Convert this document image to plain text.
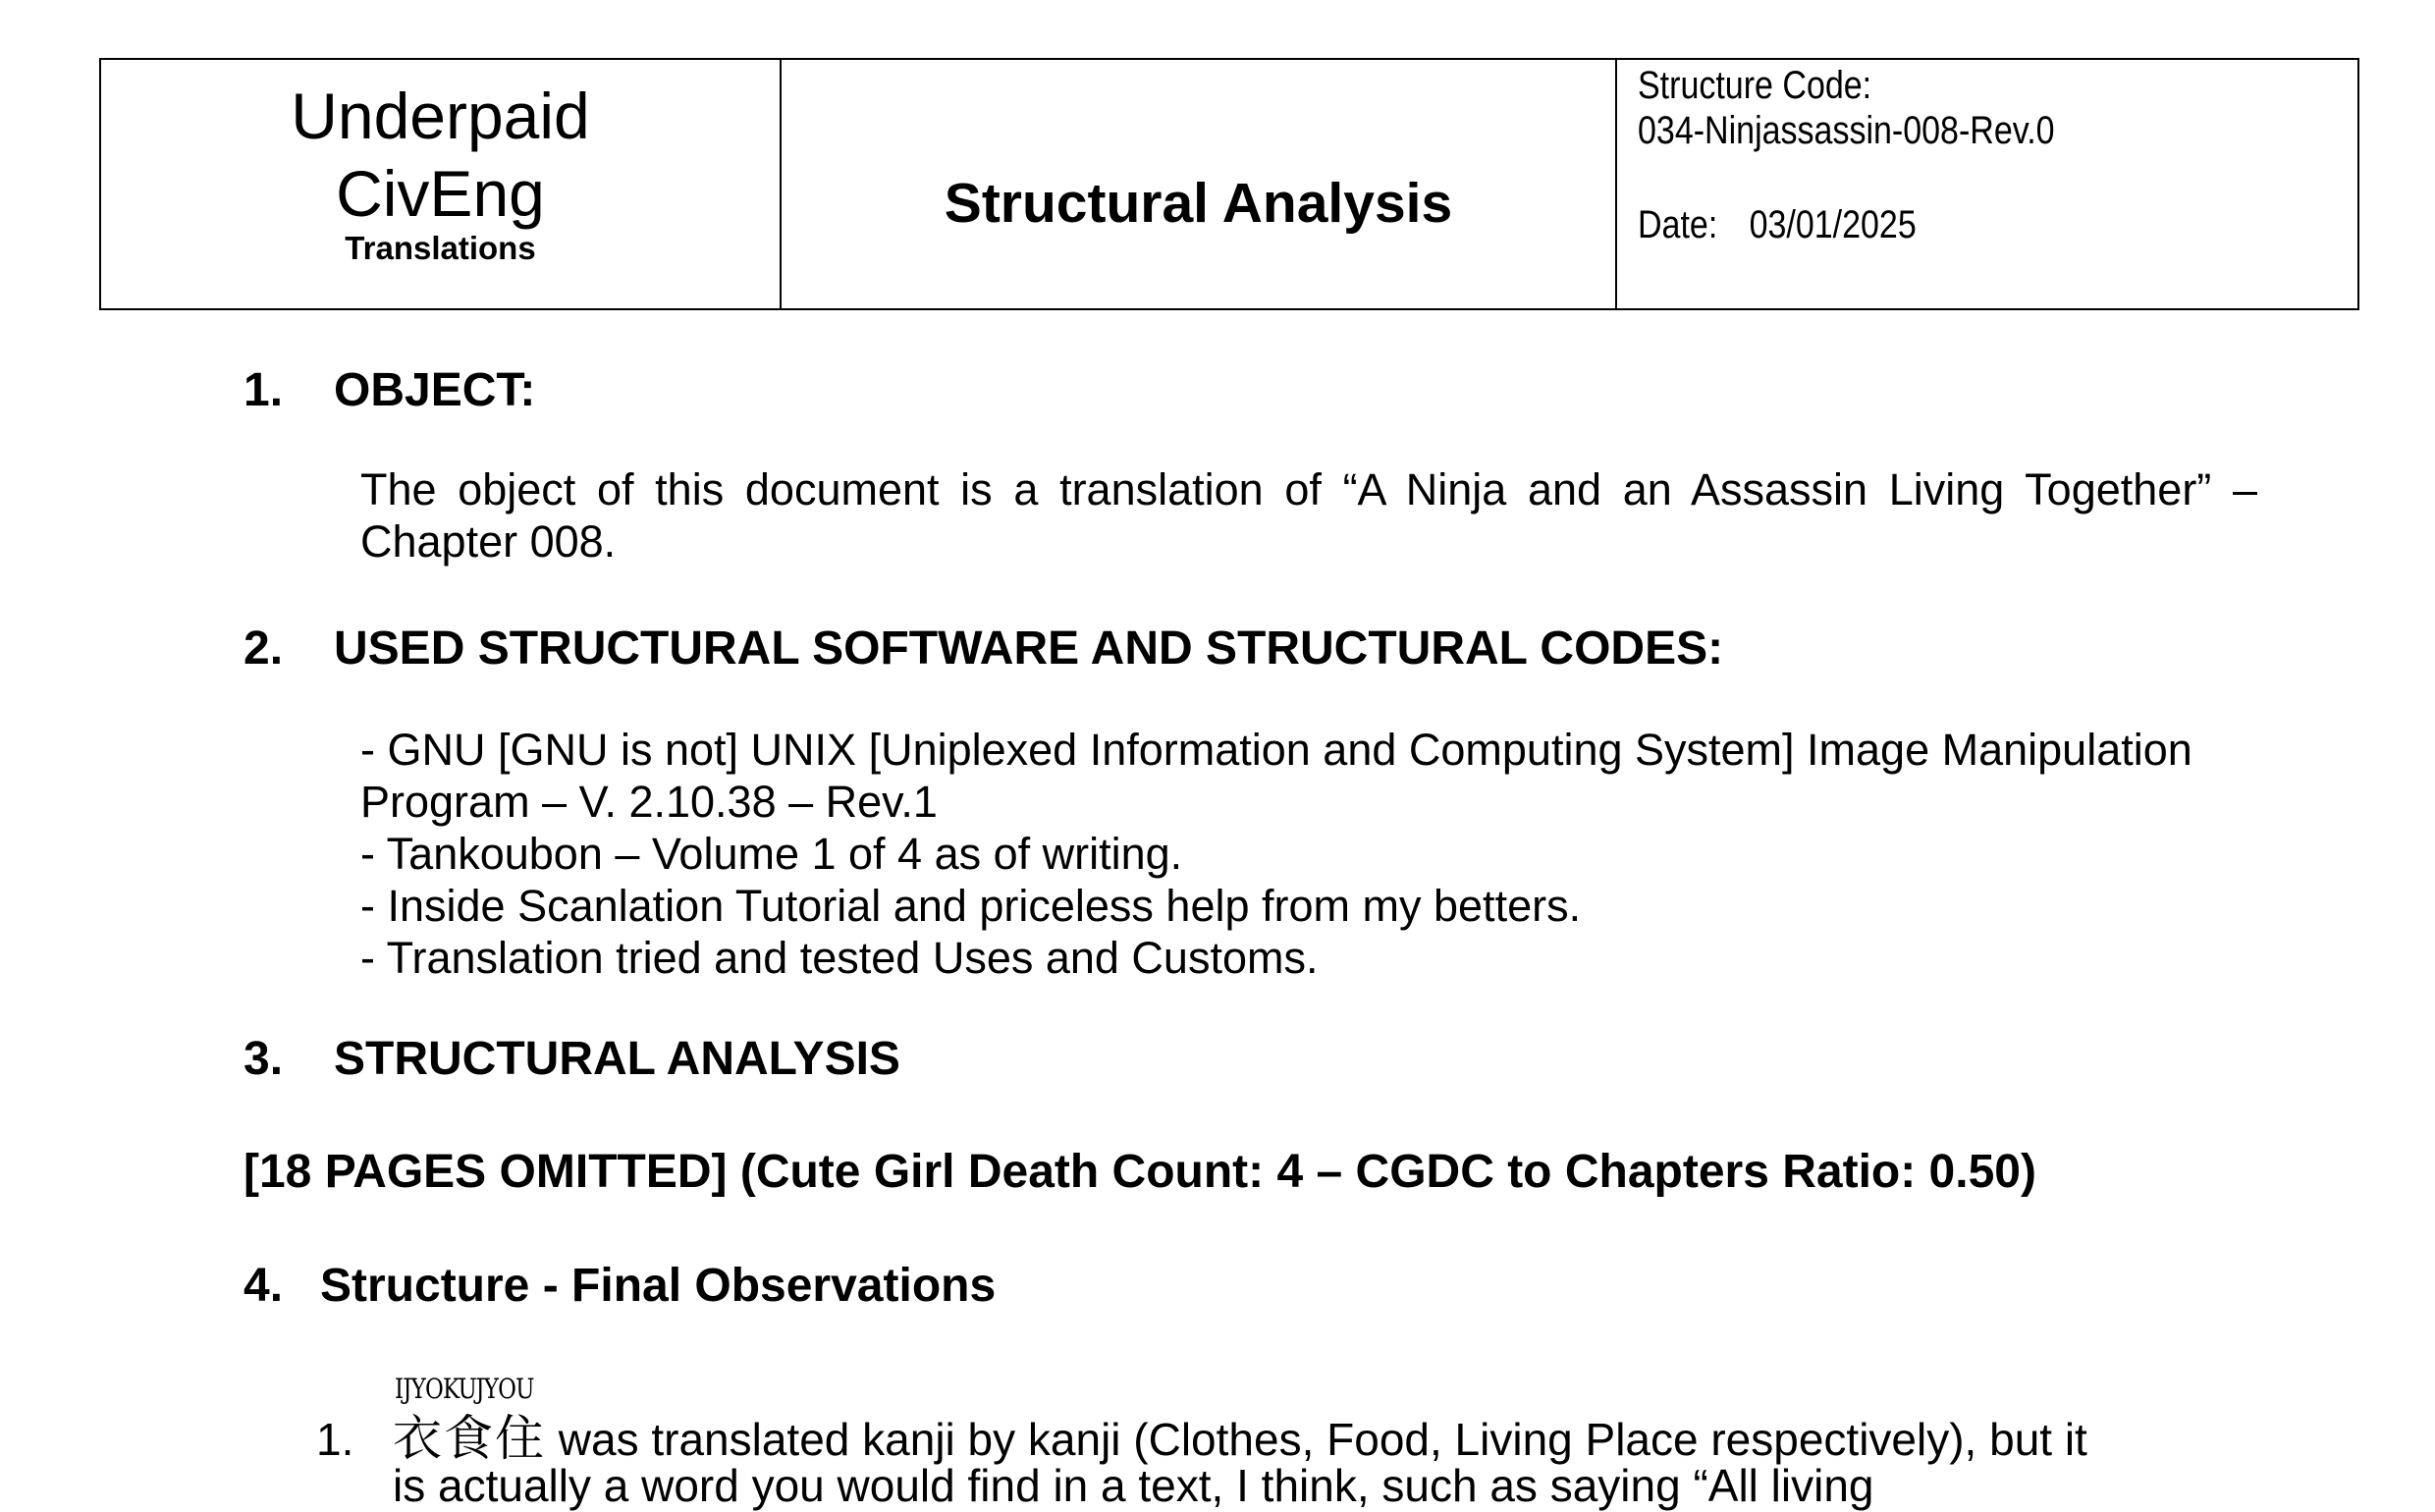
Underpaid
CivEng
Translations
Structural Analysis
Structure Code:
034-Ninjassassin-008-Rev.0
Date: 03/01/2025
1. OBJECT:
The object of this document is a translation of “A Ninja and an Assassin Living Together” – Chapter 008.
2. USED STRUCTURAL SOFTWARE AND STRUCTURAL CODES:
- GNU [GNU is not] UNIX [Uniplexed Information and Computing System] Image Manipulation
Program – V. 2.10.38 – Rev.1
- Tankoubon – Volume 1 of 4 as of writing.
- Inside Scanlation Tutorial and priceless help from my betters.
- Translation tried and tested Uses and Customs.
3. STRUCTURAL ANALYSIS
[18 PAGES OMITTED] (Cute Girl Death Count: 4 – CGDC to Chapters Ratio: 0.50)
4. Structure - Final Observations
IJYOKUJYOU
1. 衣食住 was translated kanji by kanji (Clothes, Food, Living Place respectively), but it
is actually a word you would find in a text, I think, such as saying “All living
